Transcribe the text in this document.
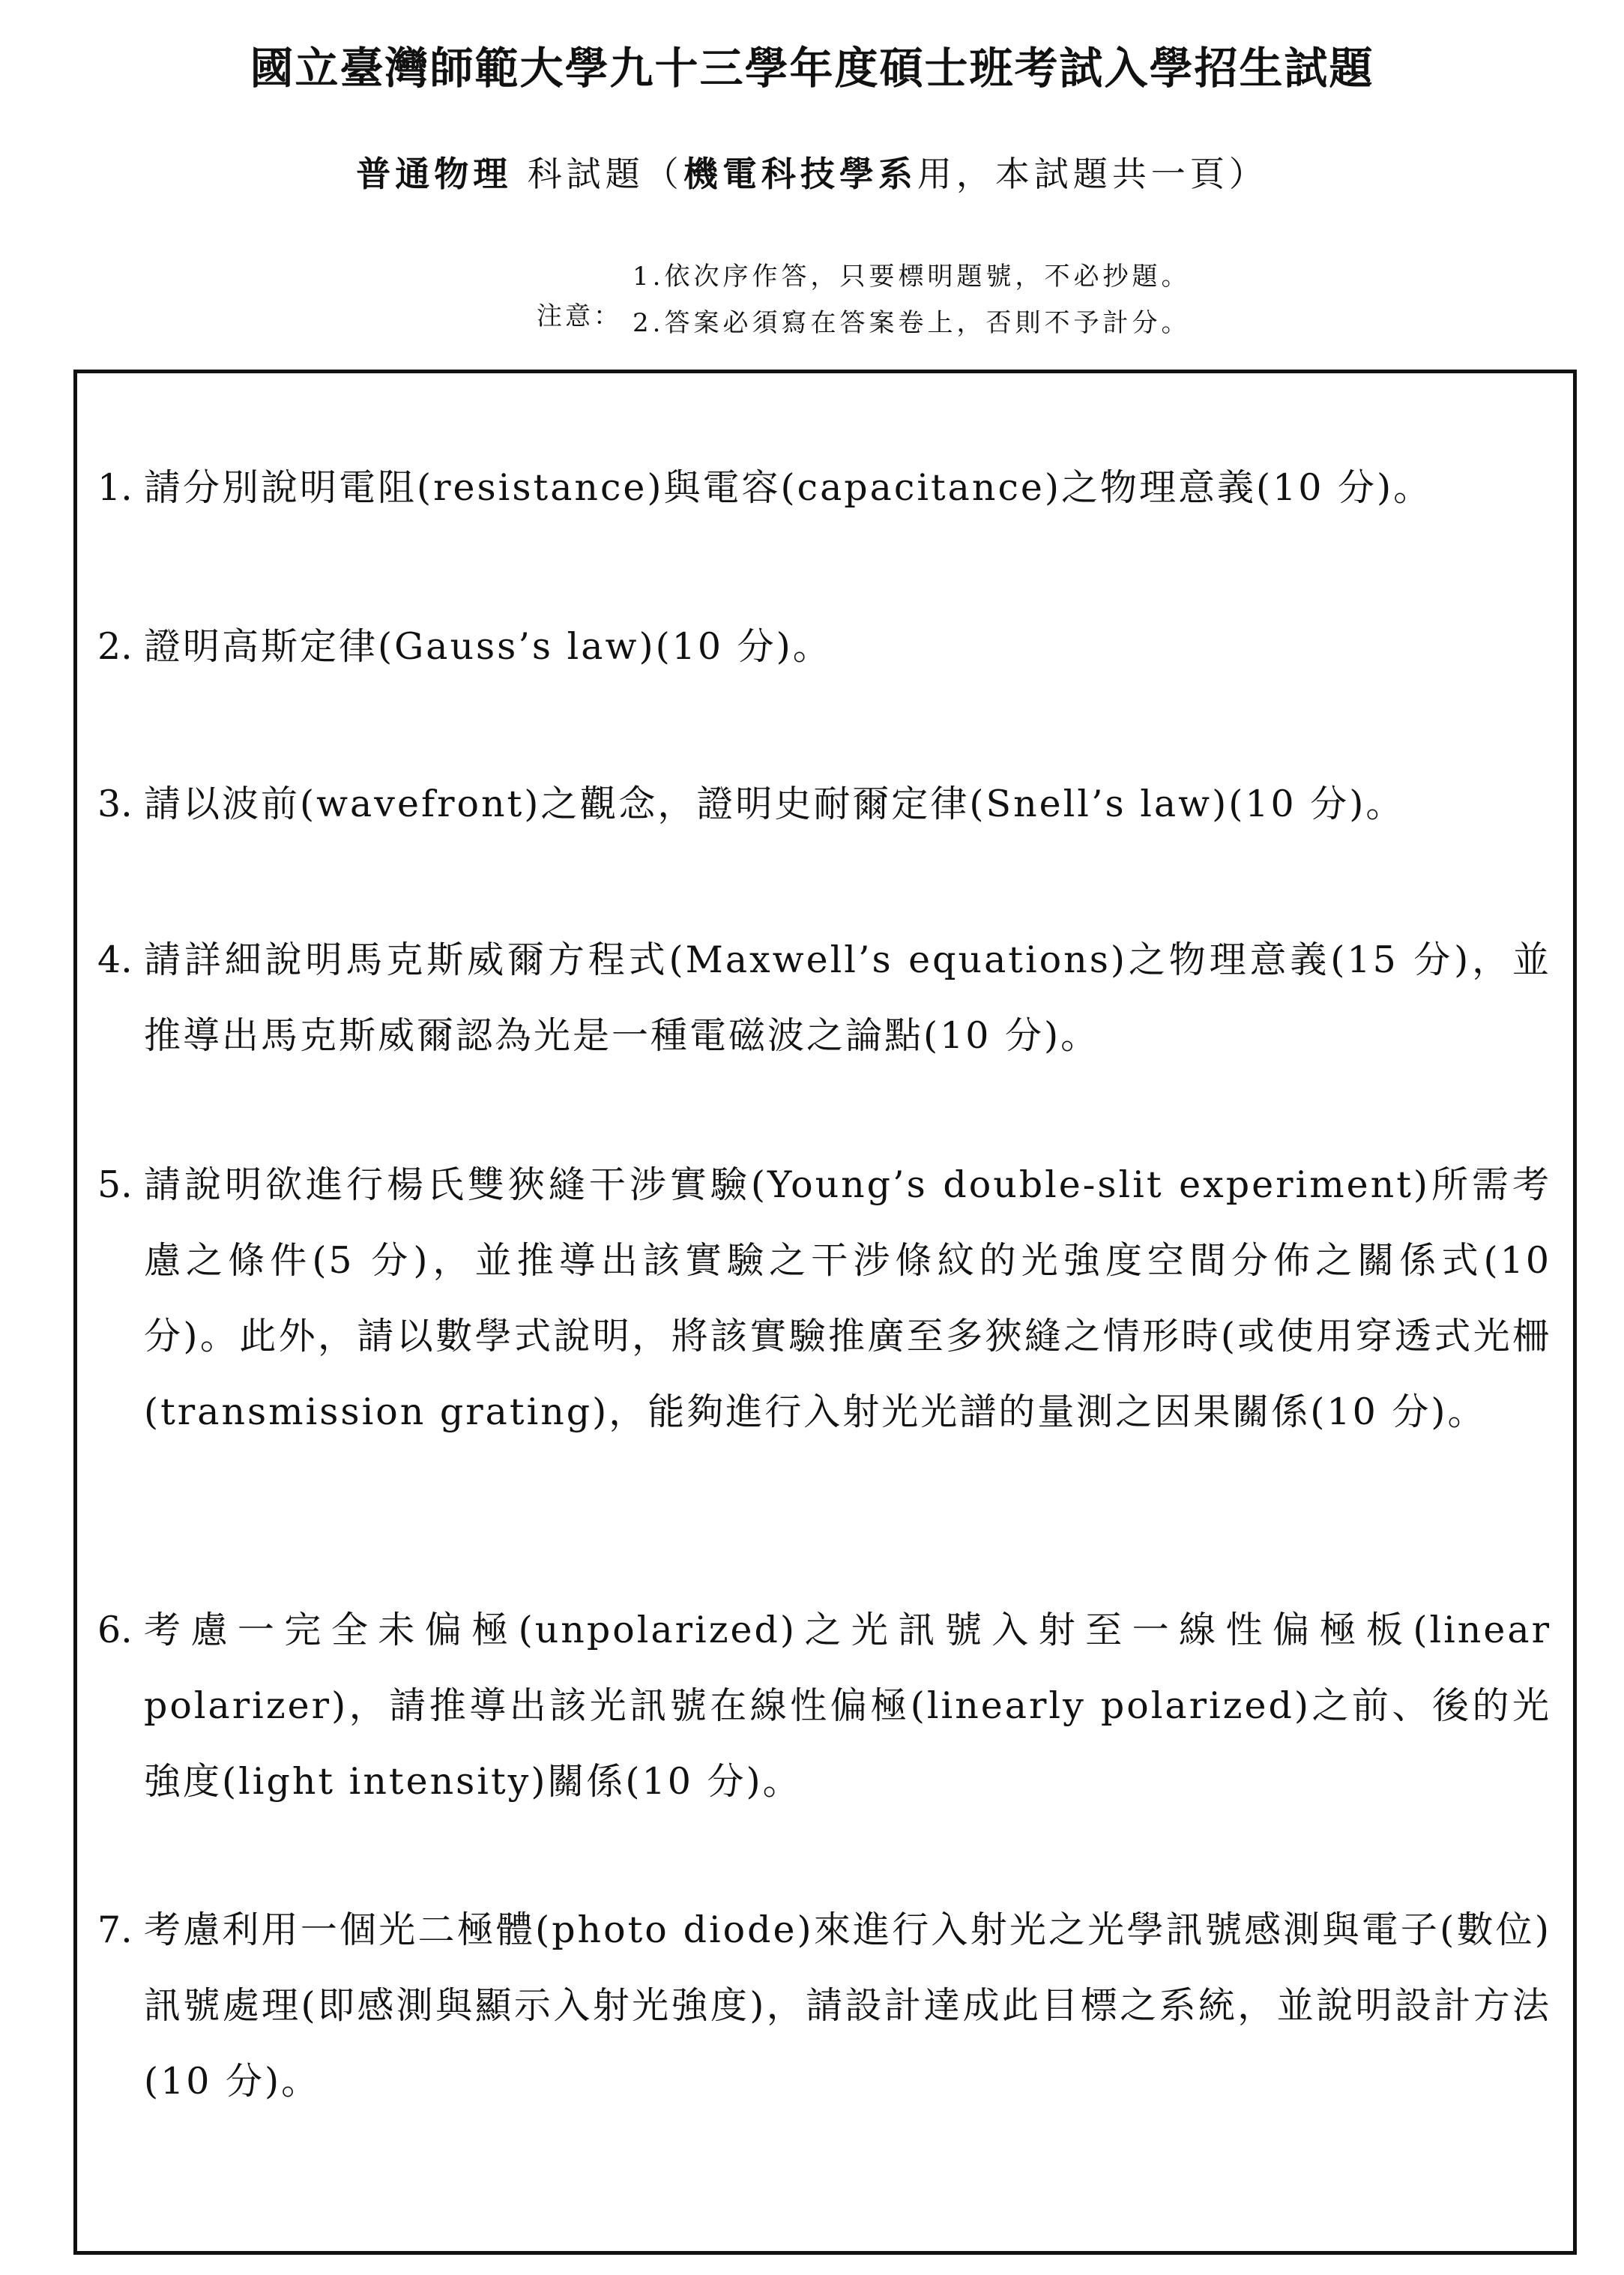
國立臺灣師範大學九十三學年度碩士班考試入學招生試題
普通物理 科試題（機電科技學系用，本試題共一頁）
注意：
1.依次序作答，只要標明題號，不必抄題。
2.答案必須寫在答案卷上，否則不予計分。
1. 請分別說明電阻(resistance)與電容(capacitance)之物理意義(10 分)。
2. 證明高斯定律(Gauss’s law)(10 分)。
3. 請以波前(wavefront)之觀念，證明史耐爾定律(Snell’s law)(10 分)。
4. 請詳細說明馬克斯威爾方程式(Maxwell’s equations)之物理意義(15 分)，並推導出馬克斯威爾認為光是一種電磁波之論點(10 分)。
5. 請說明欲進行楊氏雙狹縫干涉實驗(Young’s double-slit experiment)所需考慮之條件(5 分)，並推導出該實驗之干涉條紋的光強度空間分佈之關係式(10 分)。此外，請以數學式說明，將該實驗推廣至多狹縫之情形時(或使用穿透式光柵(transmission grating)，能夠進行入射光光譜的量測之因果關係(10 分)。
6. 考慮一完全未偏極(unpolarized)之光訊號入射至一線性偏極板(linear polarizer)，請推導出該光訊號在線性偏極(linearly polarized)之前、後的光強度(light intensity)關係(10 分)。
7. 考慮利用一個光二極體(photo diode)來進行入射光之光學訊號感測與電子(數位)訊號處理(即感測與顯示入射光強度)，請設計達成此目標之系統，並說明設計方法(10 分)。
